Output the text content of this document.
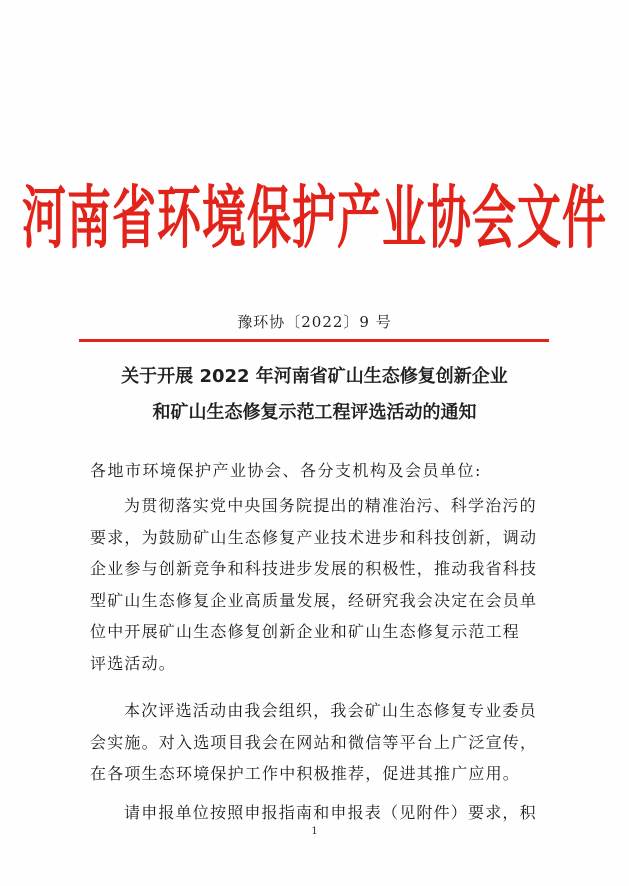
河南省环境保护产业协会文件
豫环协〔2022〕9 号
关于开展 2022 年河南省矿山生态修复创新企业
和矿山生态修复示范工程评选活动的通知
各地市环境保护产业协会、各分支机构及会员单位:
为贯彻落实党中央国务院提出的精准治污、科学治污的
要求，为鼓励矿山生态修复产业技术进步和科技创新，调动
企业参与创新竞争和科技进步发展的积极性，推动我省科技
型矿山生态修复企业高质量发展，经研究我会决定在会员单
位中开展矿山生态修复创新企业和矿山生态修复示范工程
评选活动。
本次评选活动由我会组织，我会矿山生态修复专业委员
会实施。对入选项目我会在网站和微信等平台上广泛宣传，
在各项生态环境保护工作中积极推荐，促进其推广应用。
请申报单位按照申报指南和申报表（见附件）要求，积
1
